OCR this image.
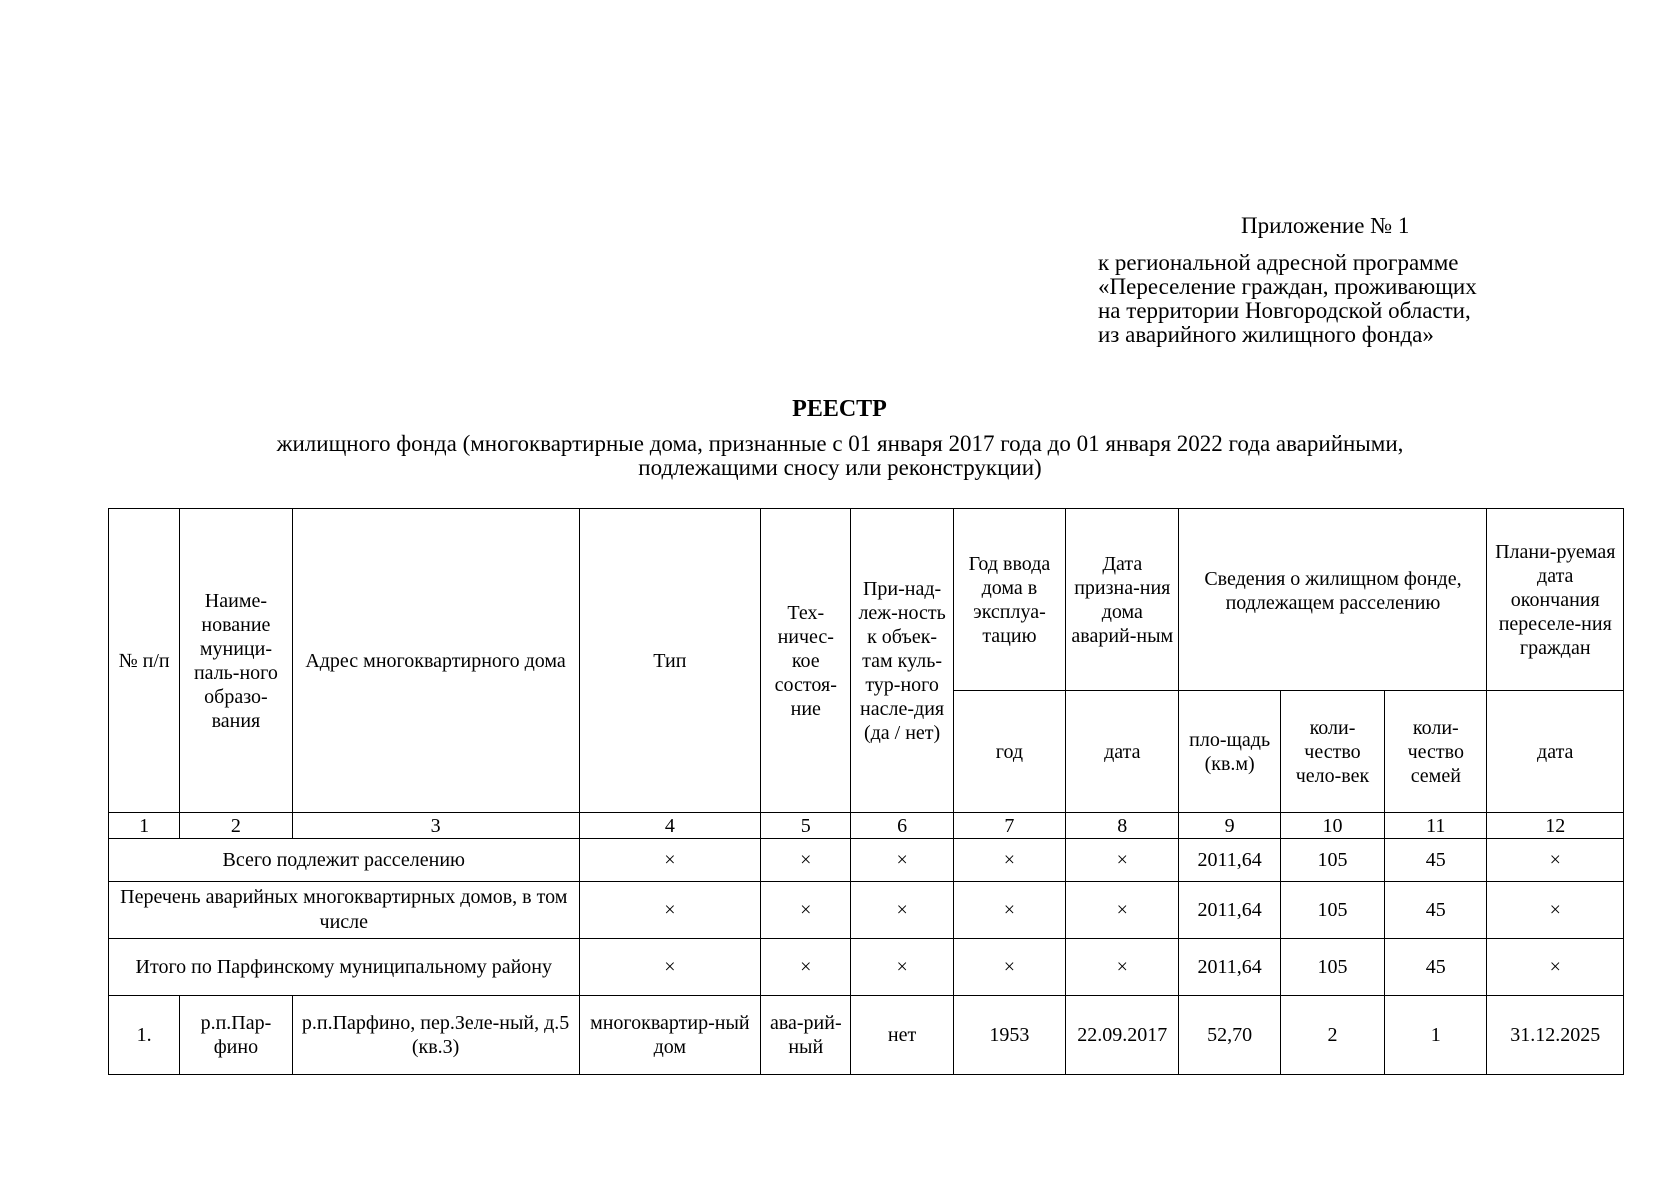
Приложение № 1
к региональной адресной программе
«Переселение граждан, проживающих
на территории Новгородской области,
из аварийного жилищного фонда»
РЕЕСТР
жилищного фонда (многоквартирные дома, признанные с 01 января 2017 года до 01 января 2022 года аварийными,
подлежащими сносу или реконструкции)
№ п/п	Наиме-нование муници-паль-ного образо-вания	Адрес многоквартирного дома	Тип	Тех-ничес-кое состоя-ние	При-над-леж-ность к объек-там куль-тур-ного насле-дия (да / нет)	Год ввода дома в эксплуа-тацию	Дата призна-ния дома аварий-ным	Сведения о жилищном фонде, подлежащем расселению			Плани-руемая дата окончания переселе-ния граждан
						год	дата	пло-щадь (кв.м)	коли-чество чело-век	коли-чество семей	дата
1	2	3	4	5	6	7	8	9	10	11	12
Всего подлежит расселению			×	×	×	×	×	2011,64	105	45	×
Перечень аварийных многоквартирных домов, в том числе			×	×	×	×	×	2011,64	105	45	×
Итого по Парфинскому муниципальному району			×	×	×	×	×	2011,64	105	45	×
1.	р.п.Пар-фино	р.п.Парфино, пер.Зеле-ный, д.5 (кв.3)	многоквартир-ный дом	ава-рий-ный	нет	1953	22.09.2017	52,70	2	1	31.12.2025
